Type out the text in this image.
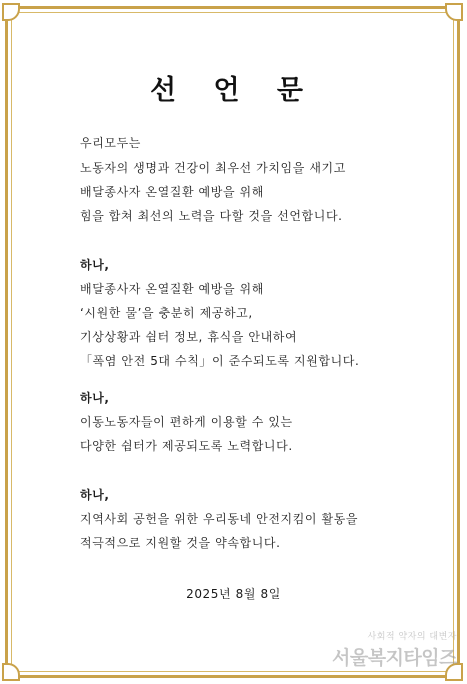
선 언 문
우리모두는
노동자의 생명과 건강이 최우선 가치임을 새기고
배달종사자 온열질환 예방을 위해
힘을 합쳐 최선의 노력을 다할 것을 선언합니다.
하나,
배달종사자 온열질환 예방을 위해
‘시원한 물’을 충분히 제공하고,
기상상황과 쉼터 정보, 휴식을 안내하여
「폭염 안전 5대 수칙」이 준수되도록 지원합니다.
하나,
이동노동자들이 편하게 이용할 수 있는
다양한 쉼터가 제공되도록 노력합니다.
하나,
지역사회 공헌을 위한 우리동네 안전지킴이 활동을
적극적으로 지원할 것을 약속합니다.
2025년 8월 8일
사회적 약자의 대변자
서울복지타임즈
